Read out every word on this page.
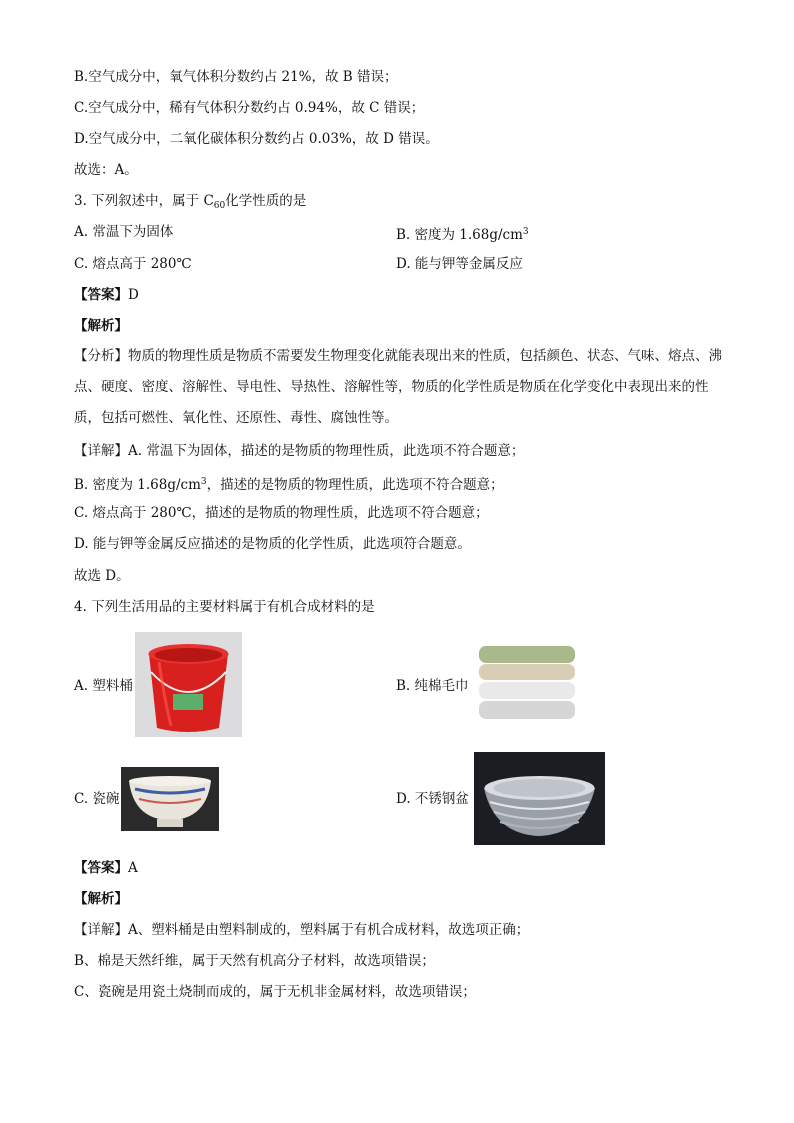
B.空气成分中，氧气体积分数约占 21%，故 B 错误；
C.空气成分中，稀有气体积分数约占 0.94%，故 C 错误；
D.空气成分中，二氧化碳体积分数约占 0.03%，故 D 错误。
故选：A。
3. 下列叙述中，属于 $C_{60}$化学性质的是
A. 常温下为固体	B. 密度为 $1.68g/cm^3$
C. 熔点高于 280℃	D. 能与钾等金属反应
【答案】D
【解析】
【分析】物质的物理性质是物质不需要发生物理变化就能表现出来的性质，包括颜色、状态、气味、熔点、沸点、硬度、密度、溶解性、导电性、导热性、溶解性等，物质的化学性质是物质在化学变化中表现出来的性质，包括可燃性、氧化性、还原性、毒性、腐蚀性等。
【详解】A. 常温下为固体，描述的是物质的物理性质，此选项不符合题意；
B. 密度为 $1.68g/cm^3$，描述的是物质的物理性质，此选项不符合题意；
C. 熔点高于 280℃，描述的是物质的物理性质，此选项不符合题意；
D. 能与钾等金属反应描述的是物质的化学性质，此选项符合题意。
故选 D。
4. 下列生活用品的主要材料属于有机合成材料的是
A. 塑料桶	B. 纯棉毛巾
C. 瓷碗	D. 不锈钢盆
【答案】A
【解析】
【详解】A、塑料桶是由塑料制成的，塑料属于有机合成材料，故选项正确；
B、棉是天然纤维，属于天然有机高分子材料，故选项错误；
C、瓷碗是用瓷土烧制而成的，属于无机非金属材料，故选项错误；
